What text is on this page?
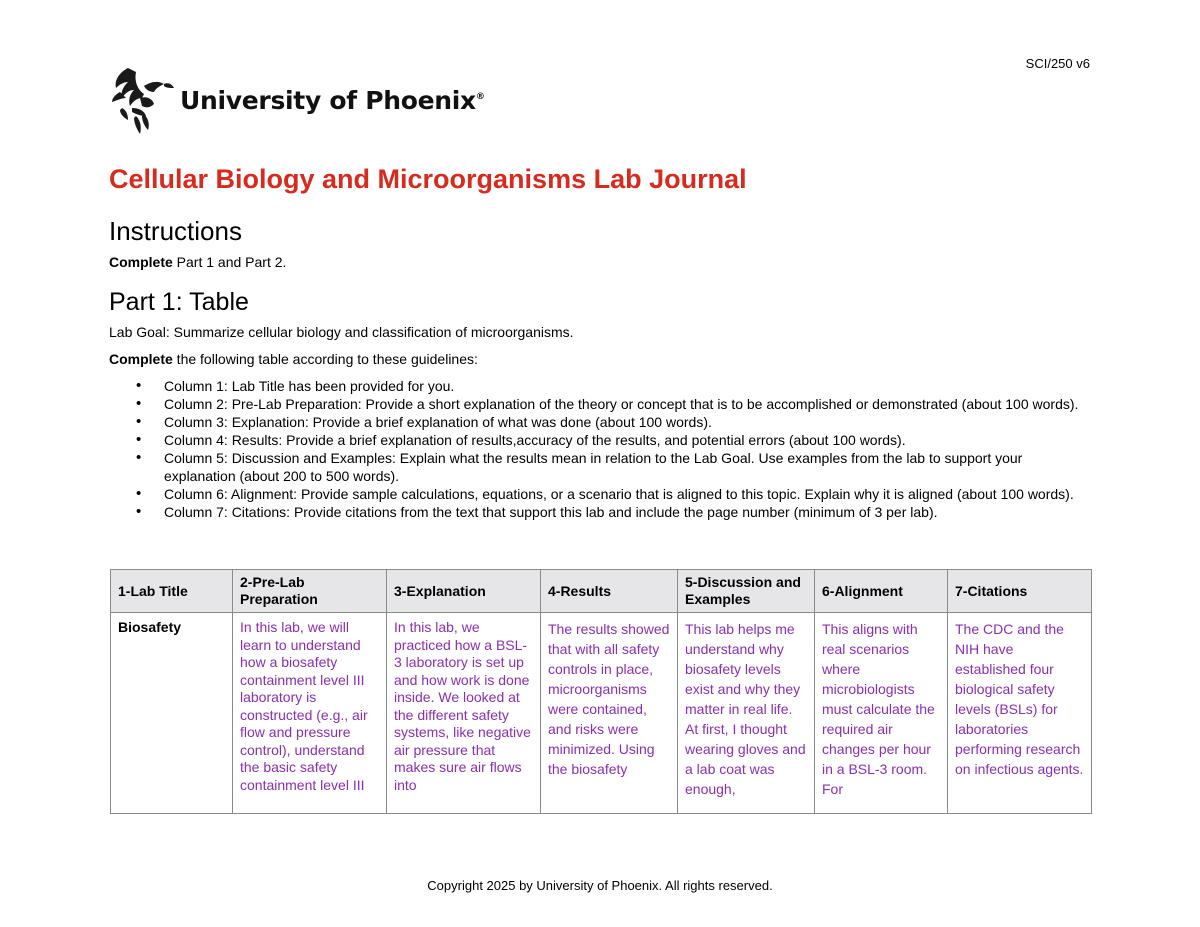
SCI/250 v6
University of Phoenix®
Cellular Biology and Microorganisms Lab Journal
Instructions
Complete Part 1 and Part 2.
Part 1: Table
Lab Goal: Summarize cellular biology and classification of microorganisms.
Complete the following table according to these guidelines:
• Column 1: Lab Title has been provided for you.
• Column 2: Pre-Lab Preparation: Provide a short explanation of the theory or concept that is to be accomplished or demonstrated (about 100 words).
• Column 3: Explanation: Provide a brief explanation of what was done (about 100 words).
• Column 4: Results: Provide a brief explanation of results,accuracy of the results, and potential errors (about 100 words).
• Column 5: Discussion and Examples: Explain what the results mean in relation to the Lab Goal. Use examples from the lab to support your explanation (about 200 to 500 words).
• Column 6: Alignment: Provide sample calculations, equations, or a scenario that is aligned to this topic. Explain why it is aligned (about 100 words).
• Column 7: Citations: Provide citations from the text that support this lab and include the page number (minimum of 3 per lab).
1-Lab Title	2-Pre-Lab Preparation	3-Explanation	4-Results	5-Discussion and Examples	6-Alignment	7-Citations

Biosafety	In this lab, we will learn to understand how a biosafety containment level III laboratory is constructed (e.g., air flow and pressure control), understand the basic safety containment level III	In this lab, we practiced how a BSL-3 laboratory is set up and how work is done inside. We looked at the different safety systems, like negative air pressure that makes sure air flows into	The results showed that with all safety controls in place, microorganisms were contained, and risks were minimized. Using the biosafety	This lab helps me understand why biosafety levels exist and why they matter in real life. At first, I thought wearing gloves and a lab coat was enough,	This aligns with real scenarios where microbiologists must calculate the required air changes per hour in a BSL-3 room. For	The CDC and the NIH have established four biological safety levels (BSLs) for laboratories performing research on infectious agents.
Copyright 2025 by University of Phoenix. All rights reserved.
